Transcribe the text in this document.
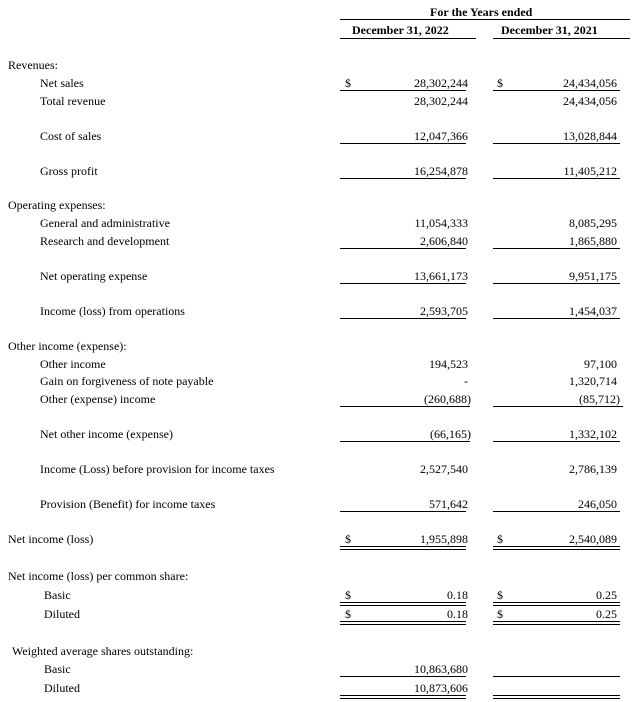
For the Years ended
December 31, 2022	December 31, 2021
Revenues:
Net sales	$	28,302,244 $	24,434,056
Total revenue	28,302,244	24,434,056
Cost of sales	12,047,366	13,028,844
Gross profit	16,254,878	11,405,212
Operating expenses:
General and administrative	11,054,333	8,085,295
Research and development	2,606,840	1,865,880
Net operating expense	13,661,173	9,951,175
Income (loss) from operations	2,593,705	1,454,037
Other income (expense):
Other income	194,523	97,100
Gain on forgiveness of note payable	-	1,320,714
Other (expense) income	(260,688)	(85,712)
Net other income (expense)	(66,165)	1,332,102
Income (Loss) before provision for income taxes	2,527,540	2,786,139
Provision (Benefit) for income taxes	571,642	246,050
Net income (loss)	$	1,955,898 $	2,540,089
Net income (loss) per common share:
Basic	$	0.18 $	0.25
Diluted	$	0.18 $	0.25
Weighted average shares outstanding:
Basic	10,863,680
Diluted	10,873,606
